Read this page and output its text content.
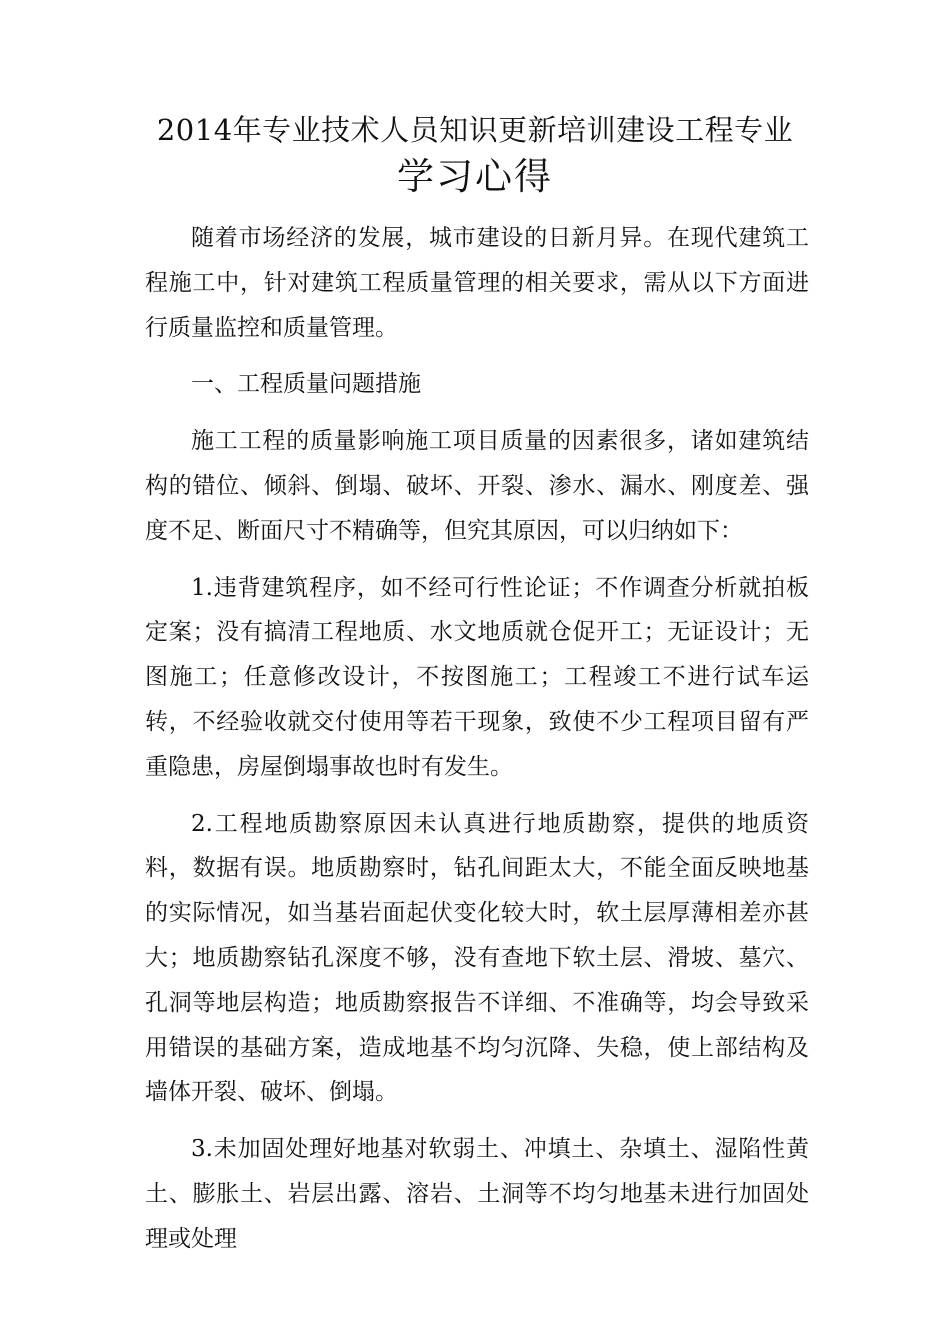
2014年专业技术人员知识更新培训建设工程专业
学习心得

随着市场经济的发展，城市建设的日新月异。在现代建筑工程施工中，针对建筑工程质量管理的相关要求，需从以下方面进行质量监控和质量管理。

一、工程质量问题措施

施工工程的质量影响施工项目质量的因素很多，诸如建筑结构的错位、倾斜、倒塌、破坏、开裂、渗水、漏水、刚度差、强度不足、断面尺寸不精确等，但究其原因，可以归纳如下：

1.违背建筑程序，如不经可行性论证；不作调查分析就拍板定案；没有搞清工程地质、水文地质就仓促开工；无证设计；无图施工；任意修改设计，不按图施工；工程竣工不进行试车运转，不经验收就交付使用等若干现象，致使不少工程项目留有严重隐患，房屋倒塌事故也时有发生。

2.工程地质勘察原因未认真进行地质勘察，提供的地质资料，数据有误。地质勘察时，钻孔间距太大，不能全面反映地基的实际情况，如当基岩面起伏变化较大时，软土层厚薄相差亦甚大；地质勘察钻孔深度不够，没有查地下软土层、滑坡、墓穴、孔洞等地层构造；地质勘察报告不详细、不准确等，均会导致采用错误的基础方案，造成地基不均匀沉降、失稳，使上部结构及墙体开裂、破坏、倒塌。

3.未加固处理好地基对软弱土、冲填土、杂填土、湿陷性黄土、膨胀土、岩层出露、溶岩、土洞等不均匀地基未进行加固处理或处理
